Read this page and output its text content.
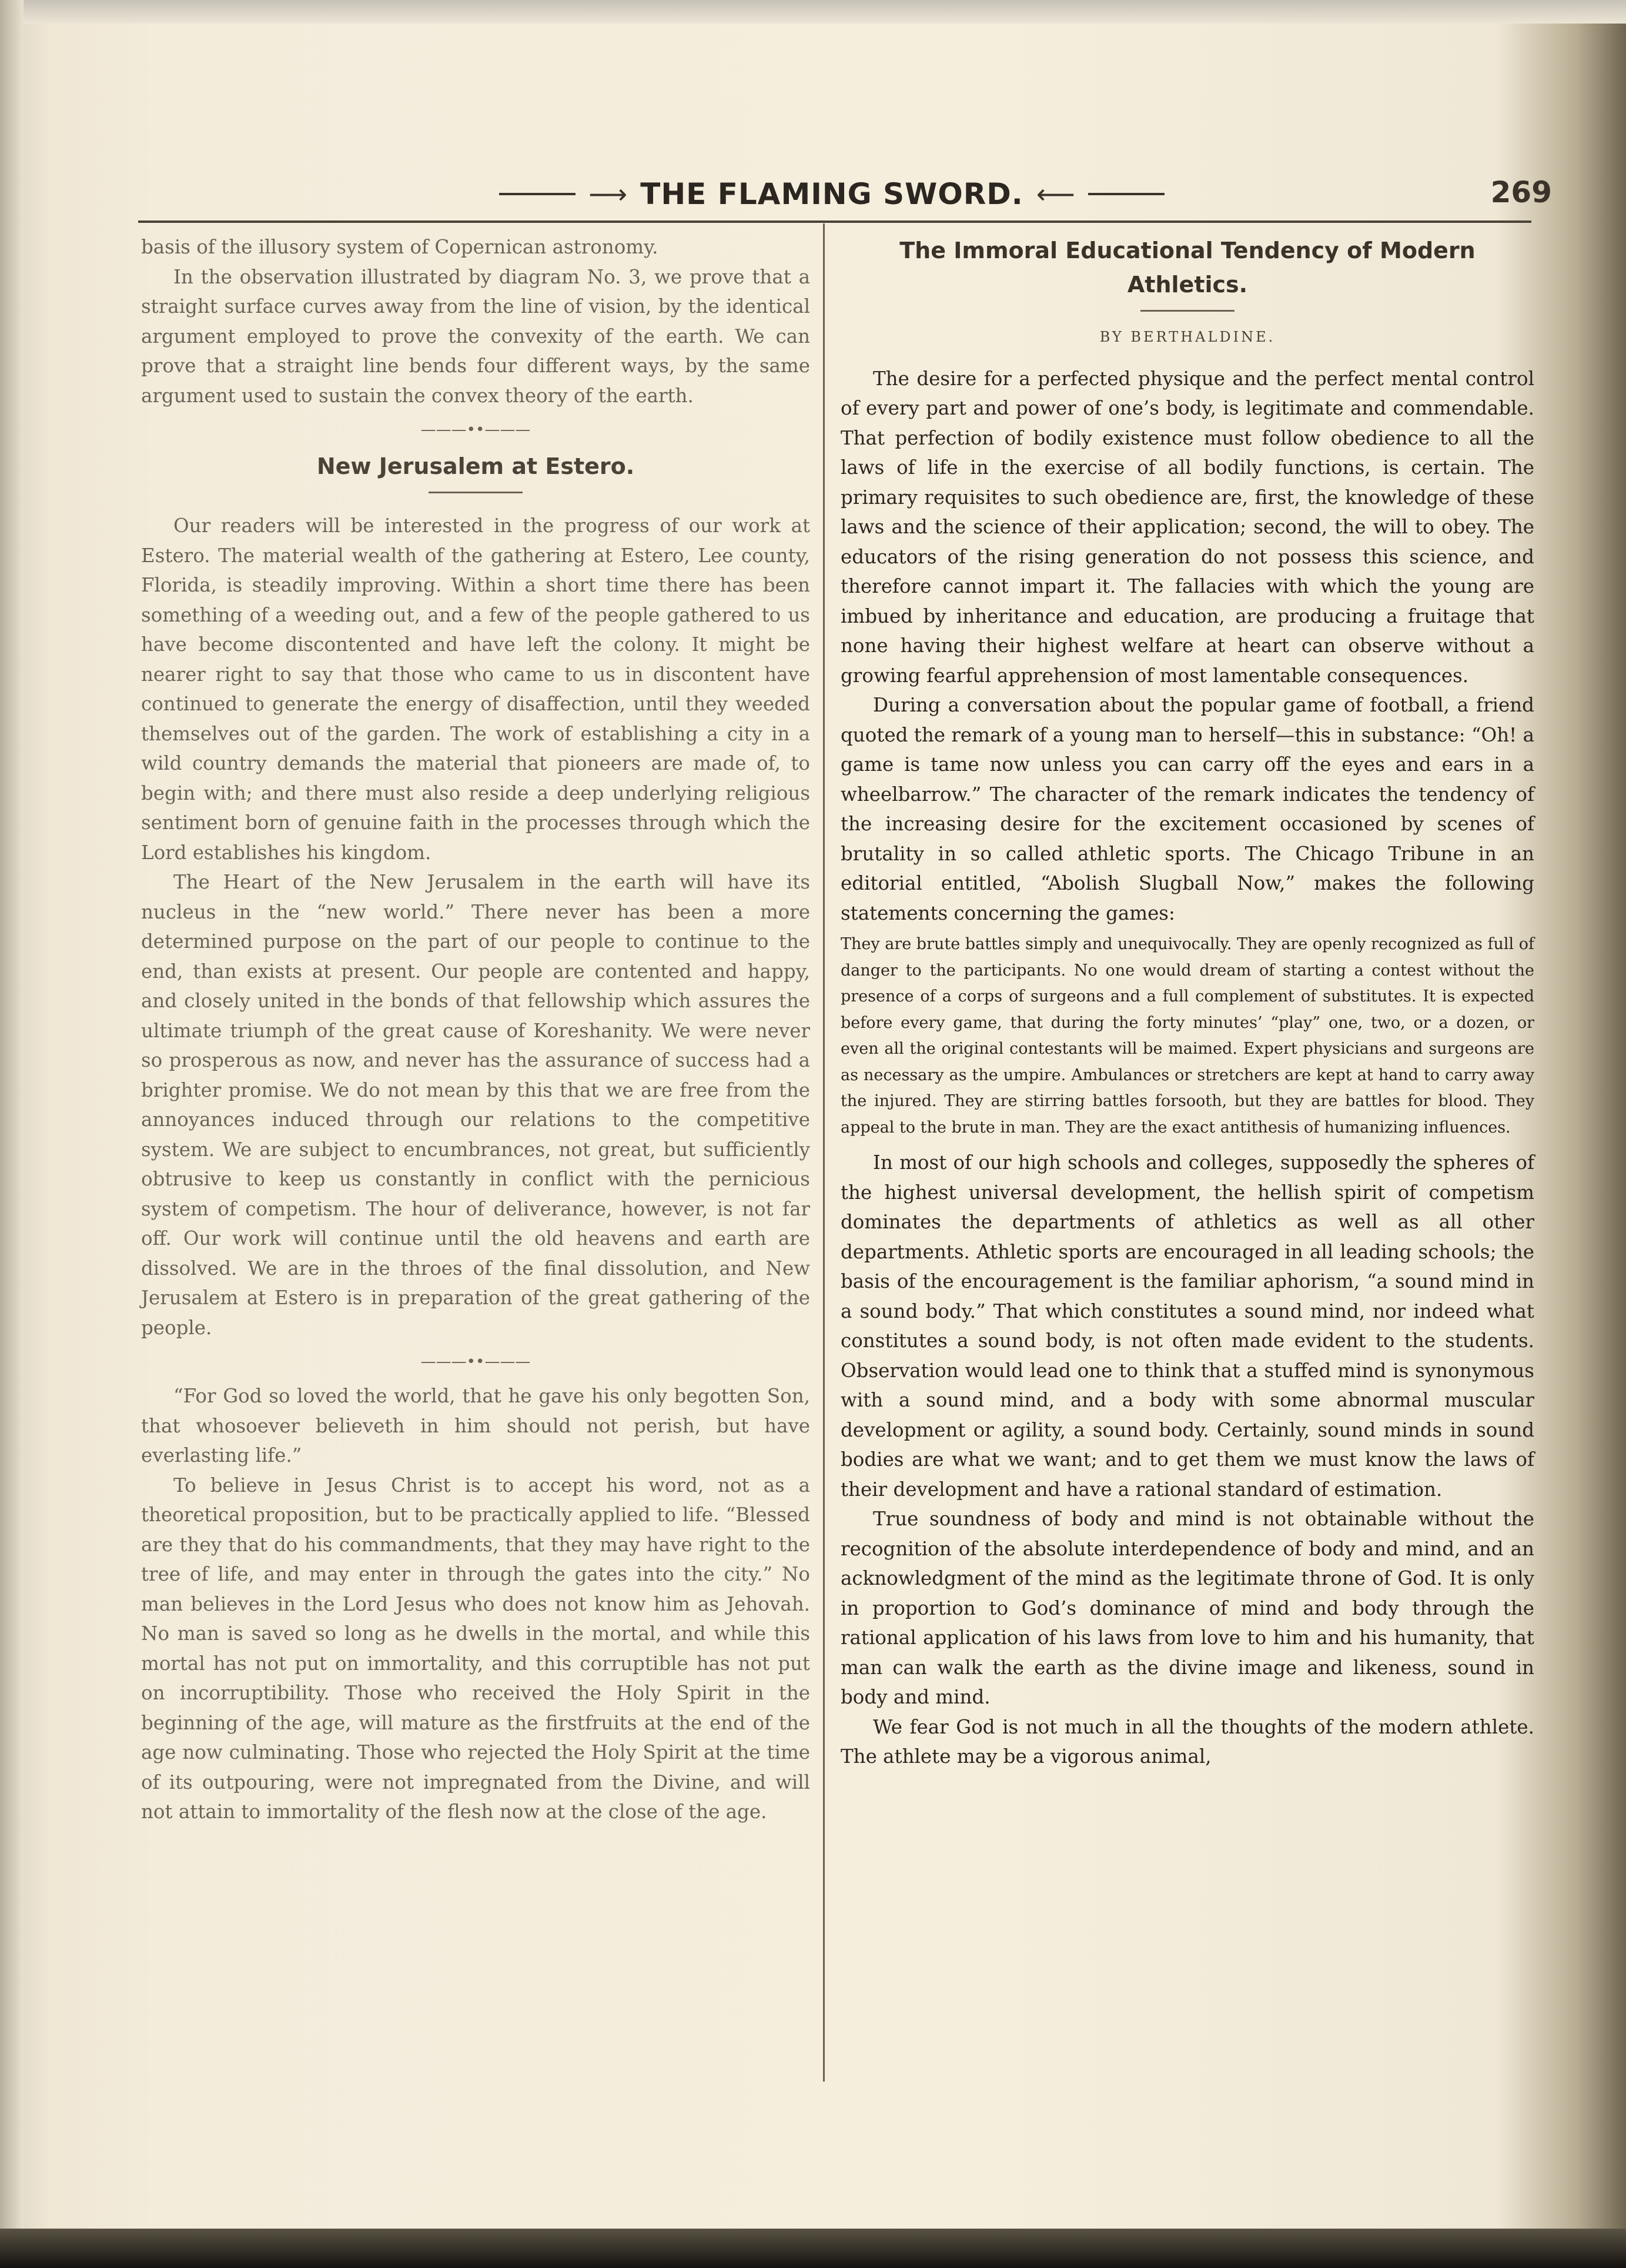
⟶ THE FLAMING SWORD. ⟵	269

basis of the illusory system of Copernican astronomy.

In the observation illustrated by diagram No. 3, we prove that a straight surface curves away from the line of vision, by the identical argument employed to prove the convexity of the earth. We can prove that a straight line bends four different ways, by the same argument used to sustain the convex theory of the earth.

———••———
New Jerusalem at Estero.

Our readers will be interested in the progress of our work at Estero. The material wealth of the gathering at Estero, Lee county, Florida, is steadily improving. Within a short time there has been something of a weeding out, and a few of the people gathered to us have become discontented and have left the colony. It might be nearer right to say that those who came to us in discontent have continued to generate the energy of disaffection, until they weeded themselves out of the garden. The work of establishing a city in a wild country demands the material that pioneers are made of, to begin with; and there must also reside a deep underlying religious sentiment born of genuine faith in the processes through which the Lord establishes his kingdom.

The Heart of the New Jerusalem in the earth will have its nucleus in the “new world.” There never has been a more determined purpose on the part of our people to continue to the end, than exists at present. Our people are contented and happy, and closely united in the bonds of that fellowship which assures the ultimate triumph of the great cause of Koreshanity. We were never so prosperous as now, and never has the assurance of success had a brighter promise. We do not mean by this that we are free from the annoyances induced through our relations to the competitive system. We are subject to encumbrances, not great, but sufficiently obtrusive to keep us constantly in conflict with the pernicious system of competism. The hour of deliverance, however, is not far off. Our work will continue until the old heavens and earth are dissolved. We are in the throes of the final dissolution, and New Jerusalem at Estero is in preparation of the great gathering of the people.

———••———

“For God so loved the world, that he gave his only begotten Son, that whosoever believeth in him should not perish, but have everlasting life.”

To believe in Jesus Christ is to accept his word, not as a theoretical proposition, but to be practically applied to life. “Blessed are they that do his commandments, that they may have right to the tree of life, and may enter in through the gates into the city.” No man believes in the Lord Jesus who does not know him as Jehovah. No man is saved so long as he dwells in the mortal, and while this mortal has not put on immortality, and this corruptible has not put on incorruptibility. Those who received the Holy Spirit in the beginning of the age, will mature as the firstfruits at the end of the age now culminating. Those who rejected the Holy Spirit at the time of its outpouring, were not impregnated from the Divine, and will not attain to immortality of the flesh now at the close of the age.

The Immoral Educational Tendency of Modern Athletics.
BY BERTHALDINE.

The desire for a perfected physique and the perfect mental control of every part and power of one’s body, is legitimate and commendable. That perfection of bodily existence must follow obedience to all the laws of life in the exercise of all bodily functions, is certain. The primary requisites to such obedience are, first, the knowledge of these laws and the science of their application; second, the will to obey. The educators of the rising generation do not possess this science, and therefore cannot impart it. The fallacies with which the young are imbued by inheritance and education, are producing a fruitage that none having their highest welfare at heart can observe without a growing fearful apprehension of most lamentable consequences.

During a conversation about the popular game of football, a friend quoted the remark of a young man to herself—this in substance: “Oh! a game is tame now unless you can carry off the eyes and ears in a wheelbarrow.” The character of the remark indicates the tendency of the increasing desire for the excitement occasioned by scenes of brutality in so called athletic sports. The Chicago Tribune in an editorial entitled, “Abolish Slugball Now,” makes the following statements concerning the games:

They are brute battles simply and unequivocally. They are openly recognized as full of danger to the participants. No one would dream of starting a contest without the presence of a corps of surgeons and a full complement of substitutes. It is expected before every game, that during the forty minutes’ “play” one, two, or a dozen, or even all the original contestants will be maimed. Expert physicians and surgeons are as necessary as the umpire. Ambulances or stretchers are kept at hand to carry away the injured. They are stirring battles forsooth, but they are battles for blood. They appeal to the brute in man. They are the exact antithesis of humanizing influences.

In most of our high schools and colleges, supposedly the spheres of the highest universal development, the hellish spirit of competism dominates the departments of athletics as well as all other departments. Athletic sports are encouraged in all leading schools; the basis of the encouragement is the familiar aphorism, “a sound mind in a sound body.” That which constitutes a sound mind, nor indeed what constitutes a sound body, is not often made evident to the students. Observation would lead one to think that a stuffed mind is synonymous with a sound mind, and a body with some abnormal muscular development or agility, a sound body. Certainly, sound minds in sound bodies are what we want; and to get them we must know the laws of their development and have a rational standard of estimation.

True soundness of body and mind is not obtainable without the recognition of the absolute interdependence of body and mind, and an acknowledgment of the mind as the legitimate throne of God. It is only in proportion to God’s dominance of mind and body through the rational application of his laws from love to him and his humanity, that man can walk the earth as the divine image and likeness, sound in body and mind.

We fear God is not much in all the thoughts of the modern athlete. The athlete may be a vigorous animal,
